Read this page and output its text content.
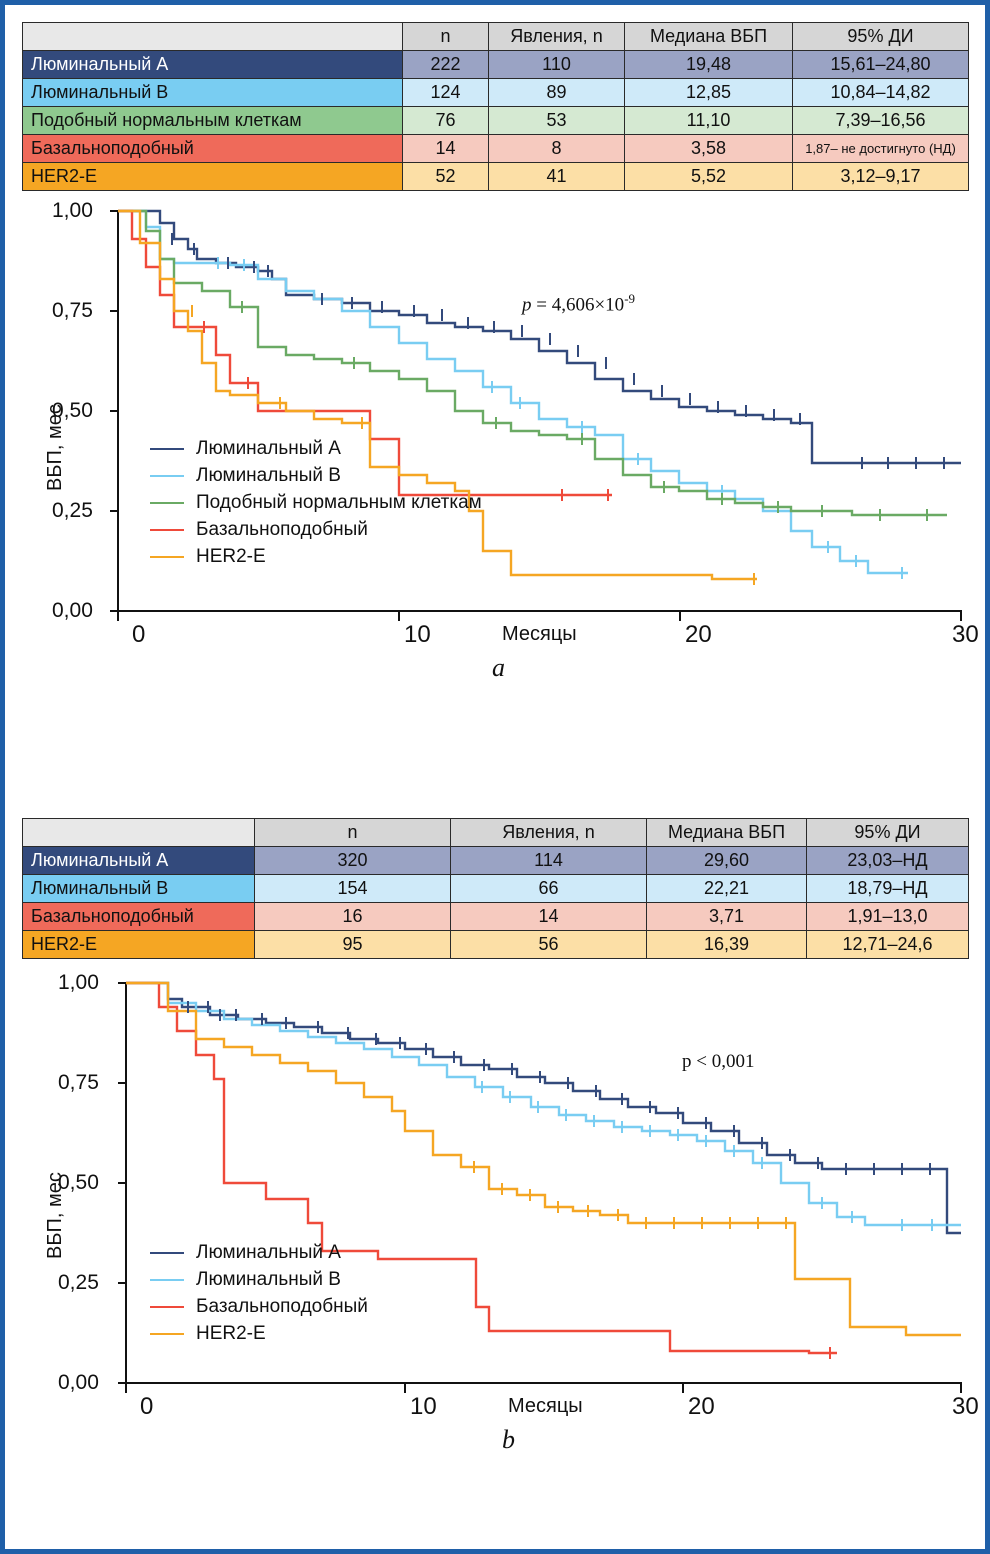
	n	Явления, n	Медиана ВБП	95% ДИ
Люминальный А	222	110	19,48	15,61–24,80
Люминальный В	124	89	12,85	10,84–14,82
Подобный нормальным клеткам	76	53	11,10	7,39–16,56
Базальноподобный	14	8	3,58	1,87– не достигнуто (НД)
HER2-E	52	41	5,52	3,12–9,17
ВБП, мес
1,00
0,75
0,50
0,25
0,00
0	10	20	30
Месяцы
a
$p = 4,606\times 10^{-9}$
Люминальный А
Люминальный В
Подобный нормальным клеткам
Базальноподобный
HER2-E
	n	Явления, n	Медиана ВБП	95% ДИ
Люминальный А	320	114	29,60	23,03–НД
Люминальный В	154	66	22,21	18,79–НД
Базальноподобный	16	14	3,71	1,91–13,0
HER2-E	95	56	16,39	12,71–24,6
ВБП, мес
1,00
0,75
0,50
0,25
0,00
0	10	20	30
Месяцы
b
p < 0,001
Люминальный А
Люминальный В
Базальноподобный
HER2-E
